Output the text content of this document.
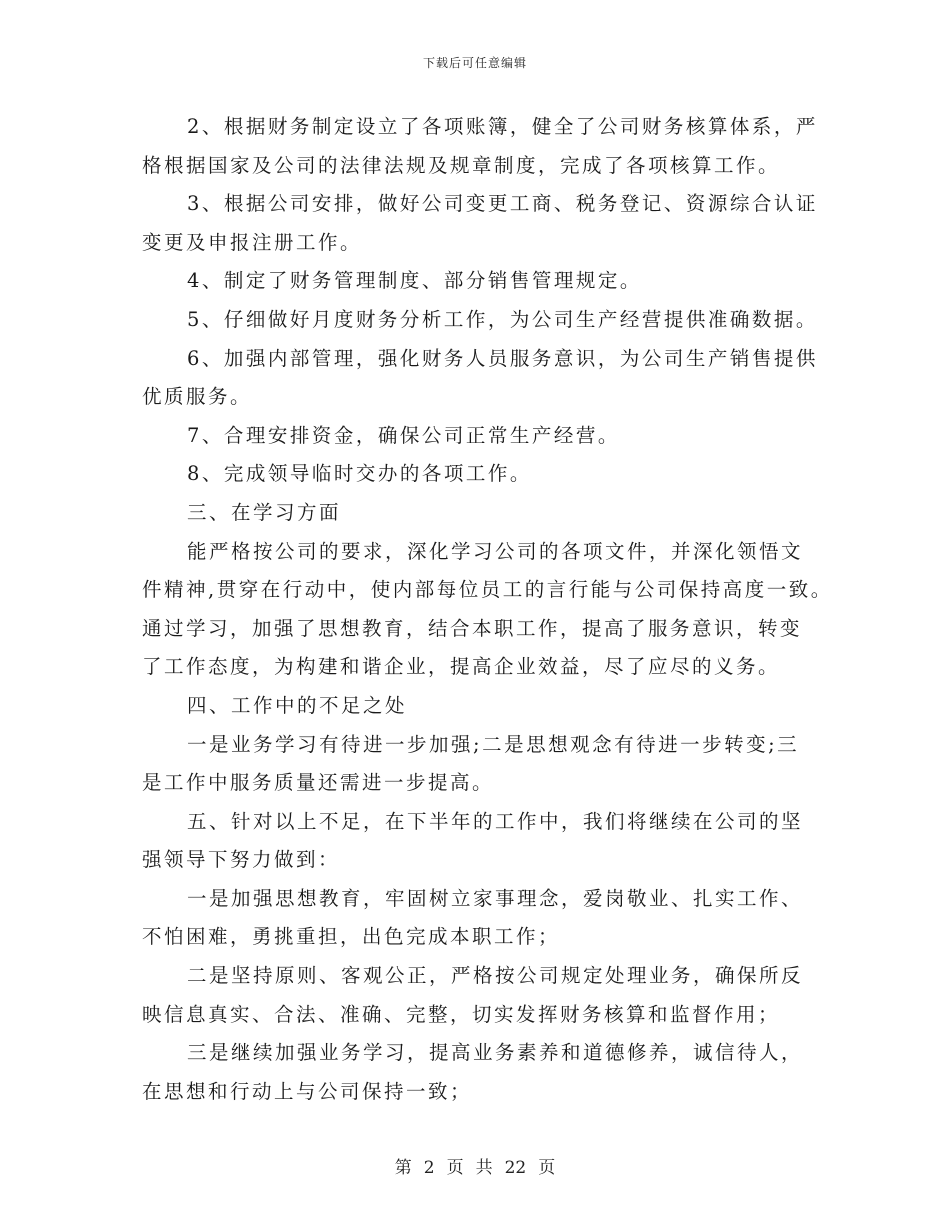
下载后可任意编辑

2、根据财务制定设立了各项账簿，健全了公司财务核算体系，严

格根据国家及公司的法律法规及规章制度，完成了各项核算工作。

3、根据公司安排，做好公司变更工商、税务登记、资源综合认证

变更及申报注册工作。

4、制定了财务管理制度、部分销售管理规定。

5、仔细做好月度财务分析工作，为公司生产经营提供准确数据。

6、加强内部管理，强化财务人员服务意识，为公司生产销售提供

优质服务。

7、合理安排资金，确保公司正常生产经营。

8、完成领导临时交办的各项工作。

三、在学习方面

能严格按公司的要求，深化学习公司的各项文件，并深化领悟文

件精神,贯穿在行动中，使内部每位员工的言行能与公司保持高度一致。

通过学习，加强了思想教育，结合本职工作，提高了服务意识，转变

了工作态度，为构建和谐企业，提高企业效益，尽了应尽的义务。

四、工作中的不足之处

一是业务学习有待进一步加强;二是思想观念有待进一步转变;三

是工作中服务质量还需进一步提高。

五、针对以上不足，在下半年的工作中，我们将继续在公司的坚

强领导下努力做到：

一是加强思想教育，牢固树立家事理念，爱岗敬业、扎实工作、

不怕困难，勇挑重担，出色完成本职工作；

二是坚持原则、客观公正，严格按公司规定处理业务，确保所反

映信息真实、合法、准确、完整，切实发挥财务核算和监督作用；

三是继续加强业务学习，提高业务素养和道德修养，诚信待人，

在思想和行动上与公司保持一致；

第 2 页 共 22 页
